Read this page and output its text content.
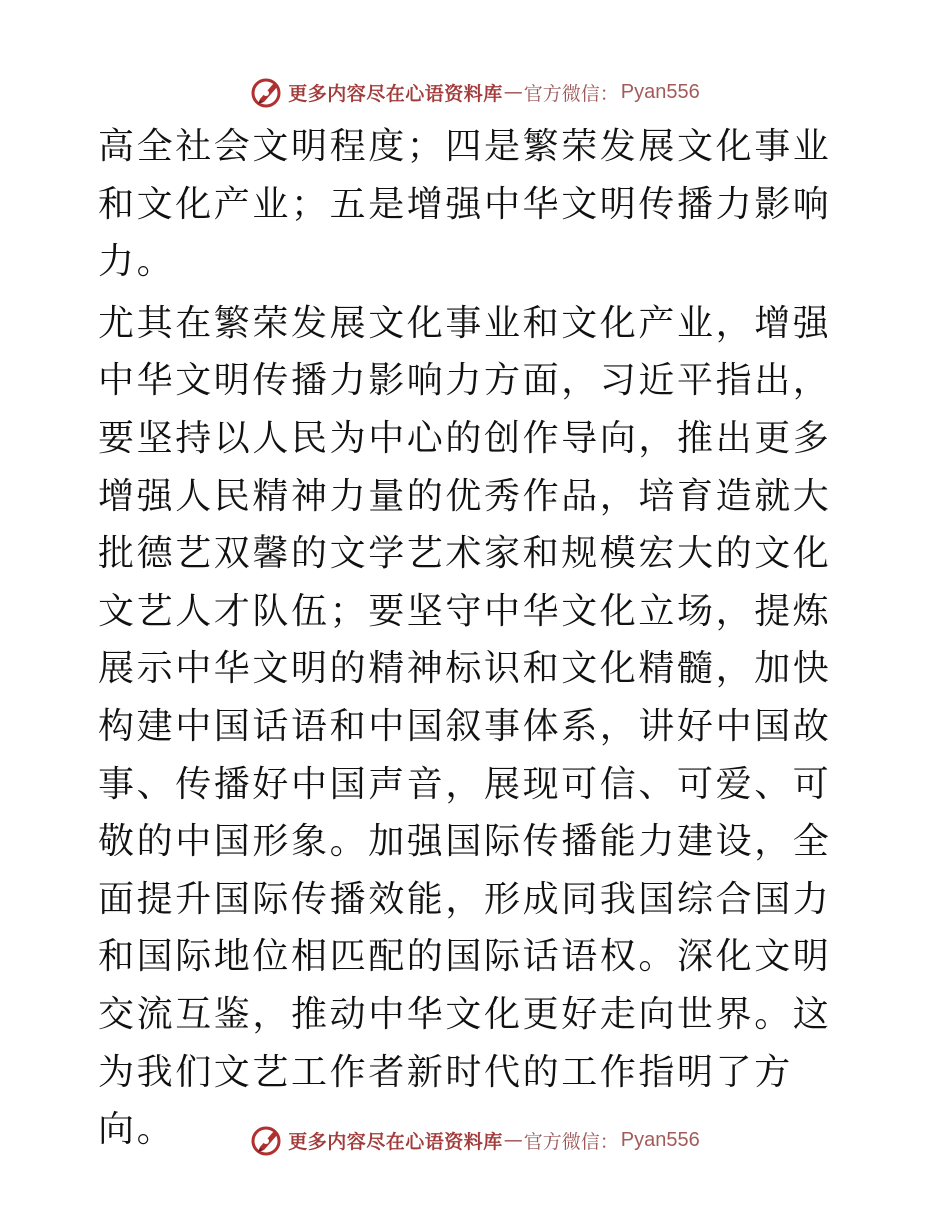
更多内容尽在心语资料库 — 官方微信： Pyan556

高全社会文明程度；四是繁荣发展文化事业和文化产业；五是增强中华文明传播力影响力。

尤其在繁荣发展文化事业和文化产业，增强中华文明传播力影响力方面，习近平指出，要坚持以人民为中心的创作导向，推出更多增强人民精神力量的优秀作品，培育造就大批德艺双馨的文学艺术家和规模宏大的文化文艺人才队伍；要坚守中华文化立场，提炼展示中华文明的精神标识和文化精髓，加快构建中国话语和中国叙事体系，讲好中国故事、传播好中国声音，展现可信、可爱、可敬的中国形象。加强国际传播能力建设，全面提升国际传播效能，形成同我国综合国力和国际地位相匹配的国际话语权。深化文明交流互鉴，推动中华文化更好走向世界。这为我们文艺工作者新时代的工作指明了方向。	更多内容尽在心语资料库 — 官方微信： Pyan556
